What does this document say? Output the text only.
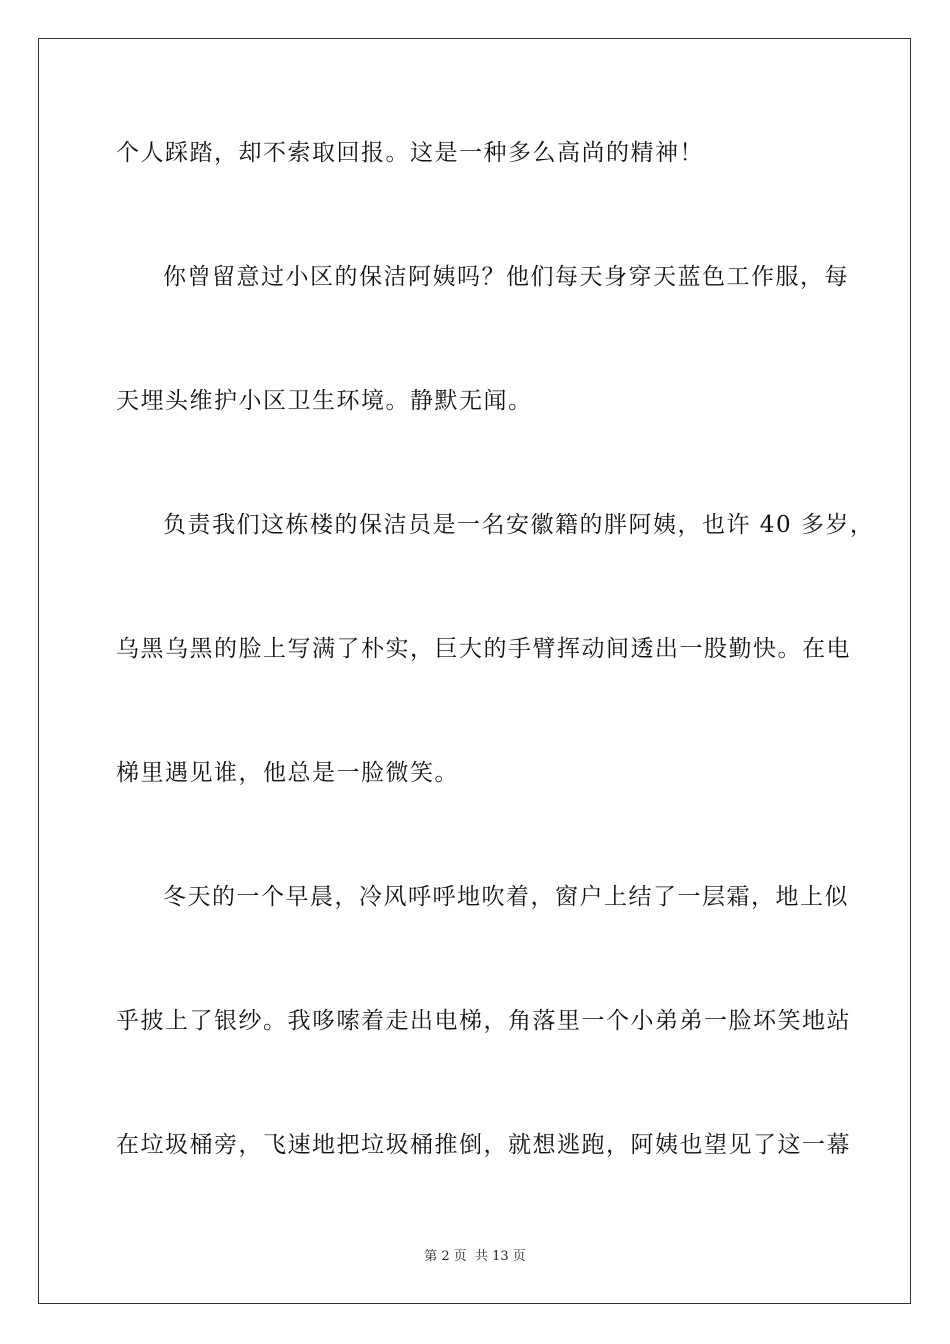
个人踩踏，却不索取回报。这是一种多么高尚的精神！
你曾留意过小区的保洁阿姨吗？他们每天身穿天蓝色工作服，每
天埋头维护小区卫生环境。静默无闻。
负责我们这栋楼的保洁员是一名安徽籍的胖阿姨，也许 40 多岁，
乌黑乌黑的脸上写满了朴实，巨大的手臂挥动间透出一股勤快。在电
梯里遇见谁，他总是一脸微笑。
冬天的一个早晨，冷风呼呼地吹着，窗户上结了一层霜，地上似
乎披上了银纱。我哆嗦着走出电梯，角落里一个小弟弟一脸坏笑地站
在垃圾桶旁，飞速地把垃圾桶推倒，就想逃跑，阿姨也望见了这一幕
第 2 页 共 13 页
